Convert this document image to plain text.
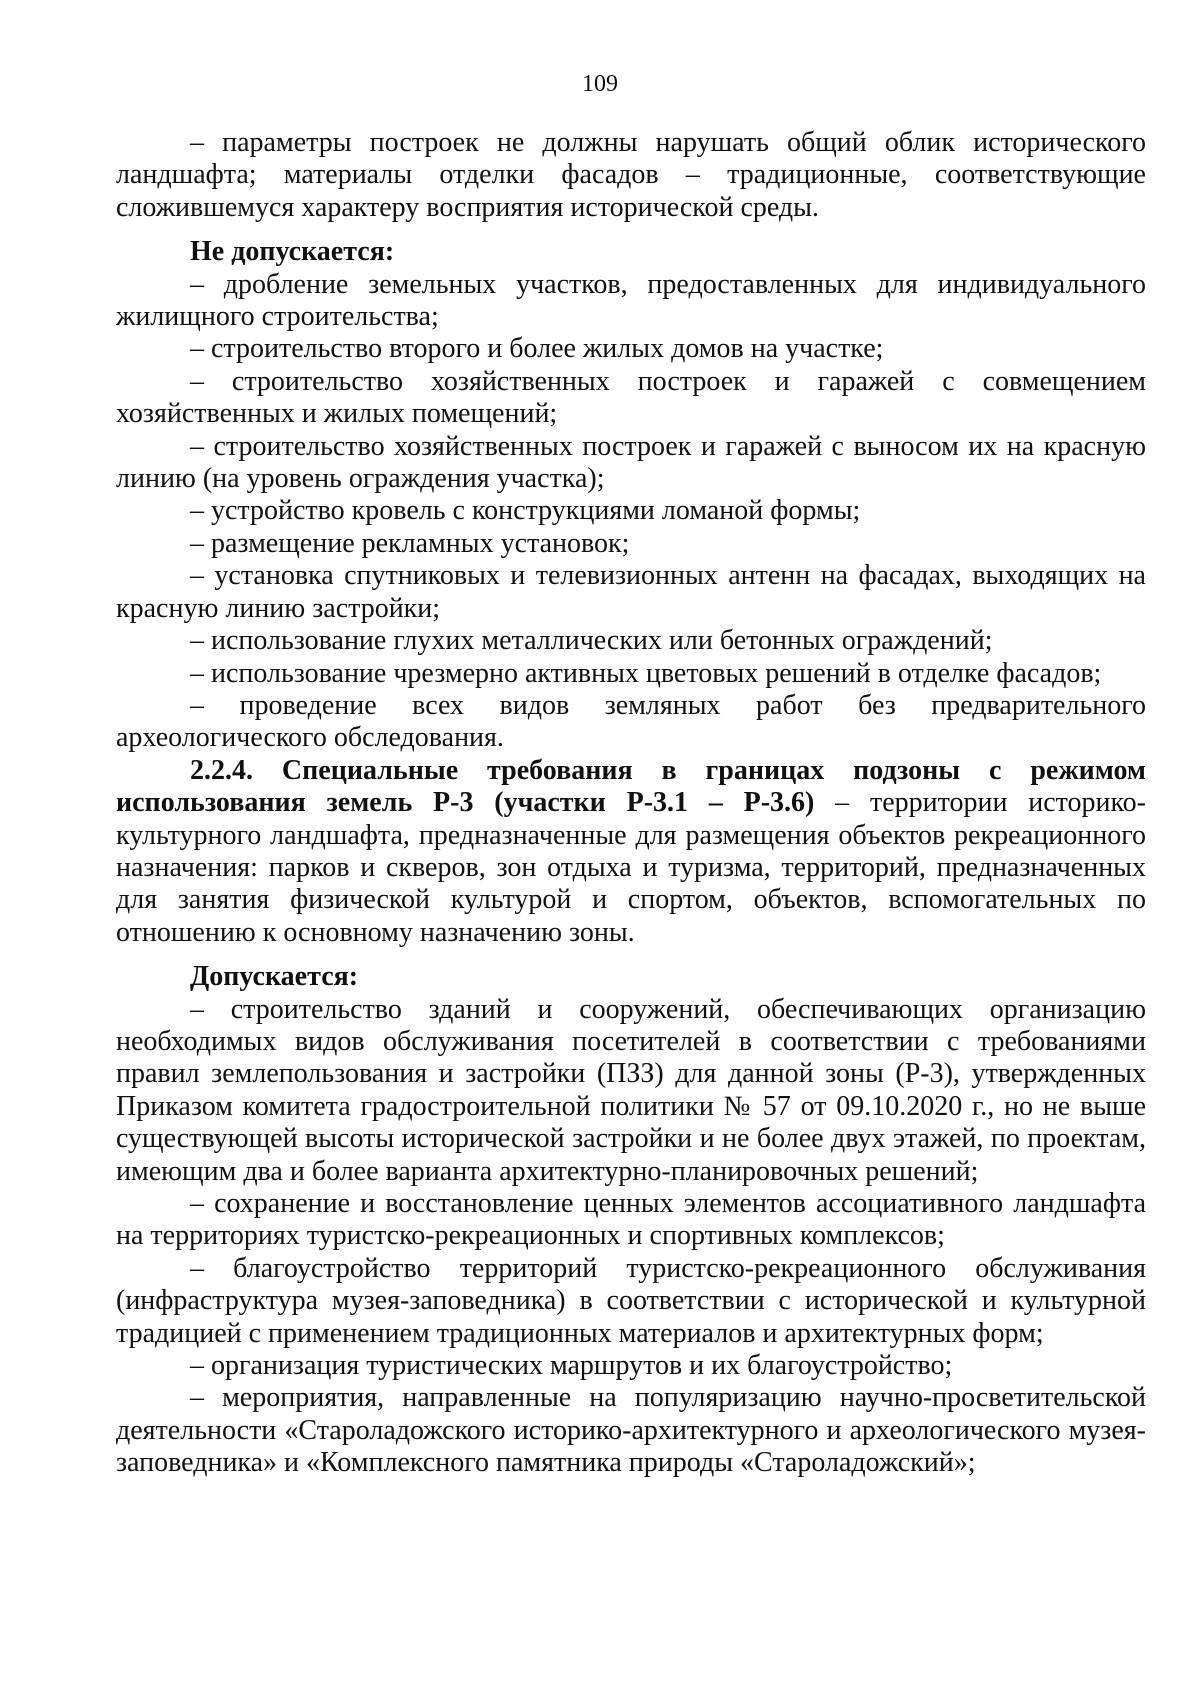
109

– параметры построек не должны нарушать общий облик исторического ландшафта; материалы отделки фасадов – традиционные, соответствующие сложившемуся характеру восприятия исторической среды.

Не допускается:

– дробление земельных участков, предоставленных для индивидуального жилищного строительства;

– строительство второго и более жилых домов на участке;

– строительство хозяйственных построек и гаражей с совмещением хозяйственных и жилых помещений;

– строительство хозяйственных построек и гаражей с выносом их на красную линию (на уровень ограждения участка);

– устройство кровель с конструкциями ломаной формы;

– размещение рекламных установок;

– установка спутниковых и телевизионных антенн на фасадах, выходящих на красную линию застройки;

– использование глухих металлических или бетонных ограждений;

– использование чрезмерно активных цветовых решений в отделке фасадов;

– проведение всех видов земляных работ без предварительного археологического обследования.

2.2.4. Специальные требования в границах подзоны с режимом использования земель Р-3 (участки Р-3.1 – Р-3.6) – территории историко-культурного ландшафта, предназначенные для размещения объектов рекреационного назначения: парков и скверов, зон отдыха и туризма, территорий, предназначенных для занятия физической культурой и спортом, объектов, вспомогательных по отношению к основному назначению зоны.

Допускается:

– строительство зданий и сооружений, обеспечивающих организацию необходимых видов обслуживания посетителей в соответствии с требованиями правил землепользования и застройки (ПЗЗ) для данной зоны (Р-3), утвержденных Приказом комитета градостроительной политики № 57 от 09.10.2020 г., но не выше существующей высоты исторической застройки и не более двух этажей, по проектам, имеющим два и более варианта архитектурно-планировочных решений;

– сохранение и восстановление ценных элементов ассоциативного ландшафта на территориях туристско-рекреационных и спортивных комплексов;

– благоустройство территорий туристско-рекреационного обслуживания (инфраструктура музея-заповедника) в соответствии с исторической и культурной традицией с применением традиционных материалов и архитектурных форм;

– организация туристических маршрутов и их благоустройство;

– мероприятия, направленные на популяризацию научно-просветительской деятельности «Староладожского историко-архитектурного и археологического музея-заповедника» и «Комплексного памятника природы «Староладожский»;
